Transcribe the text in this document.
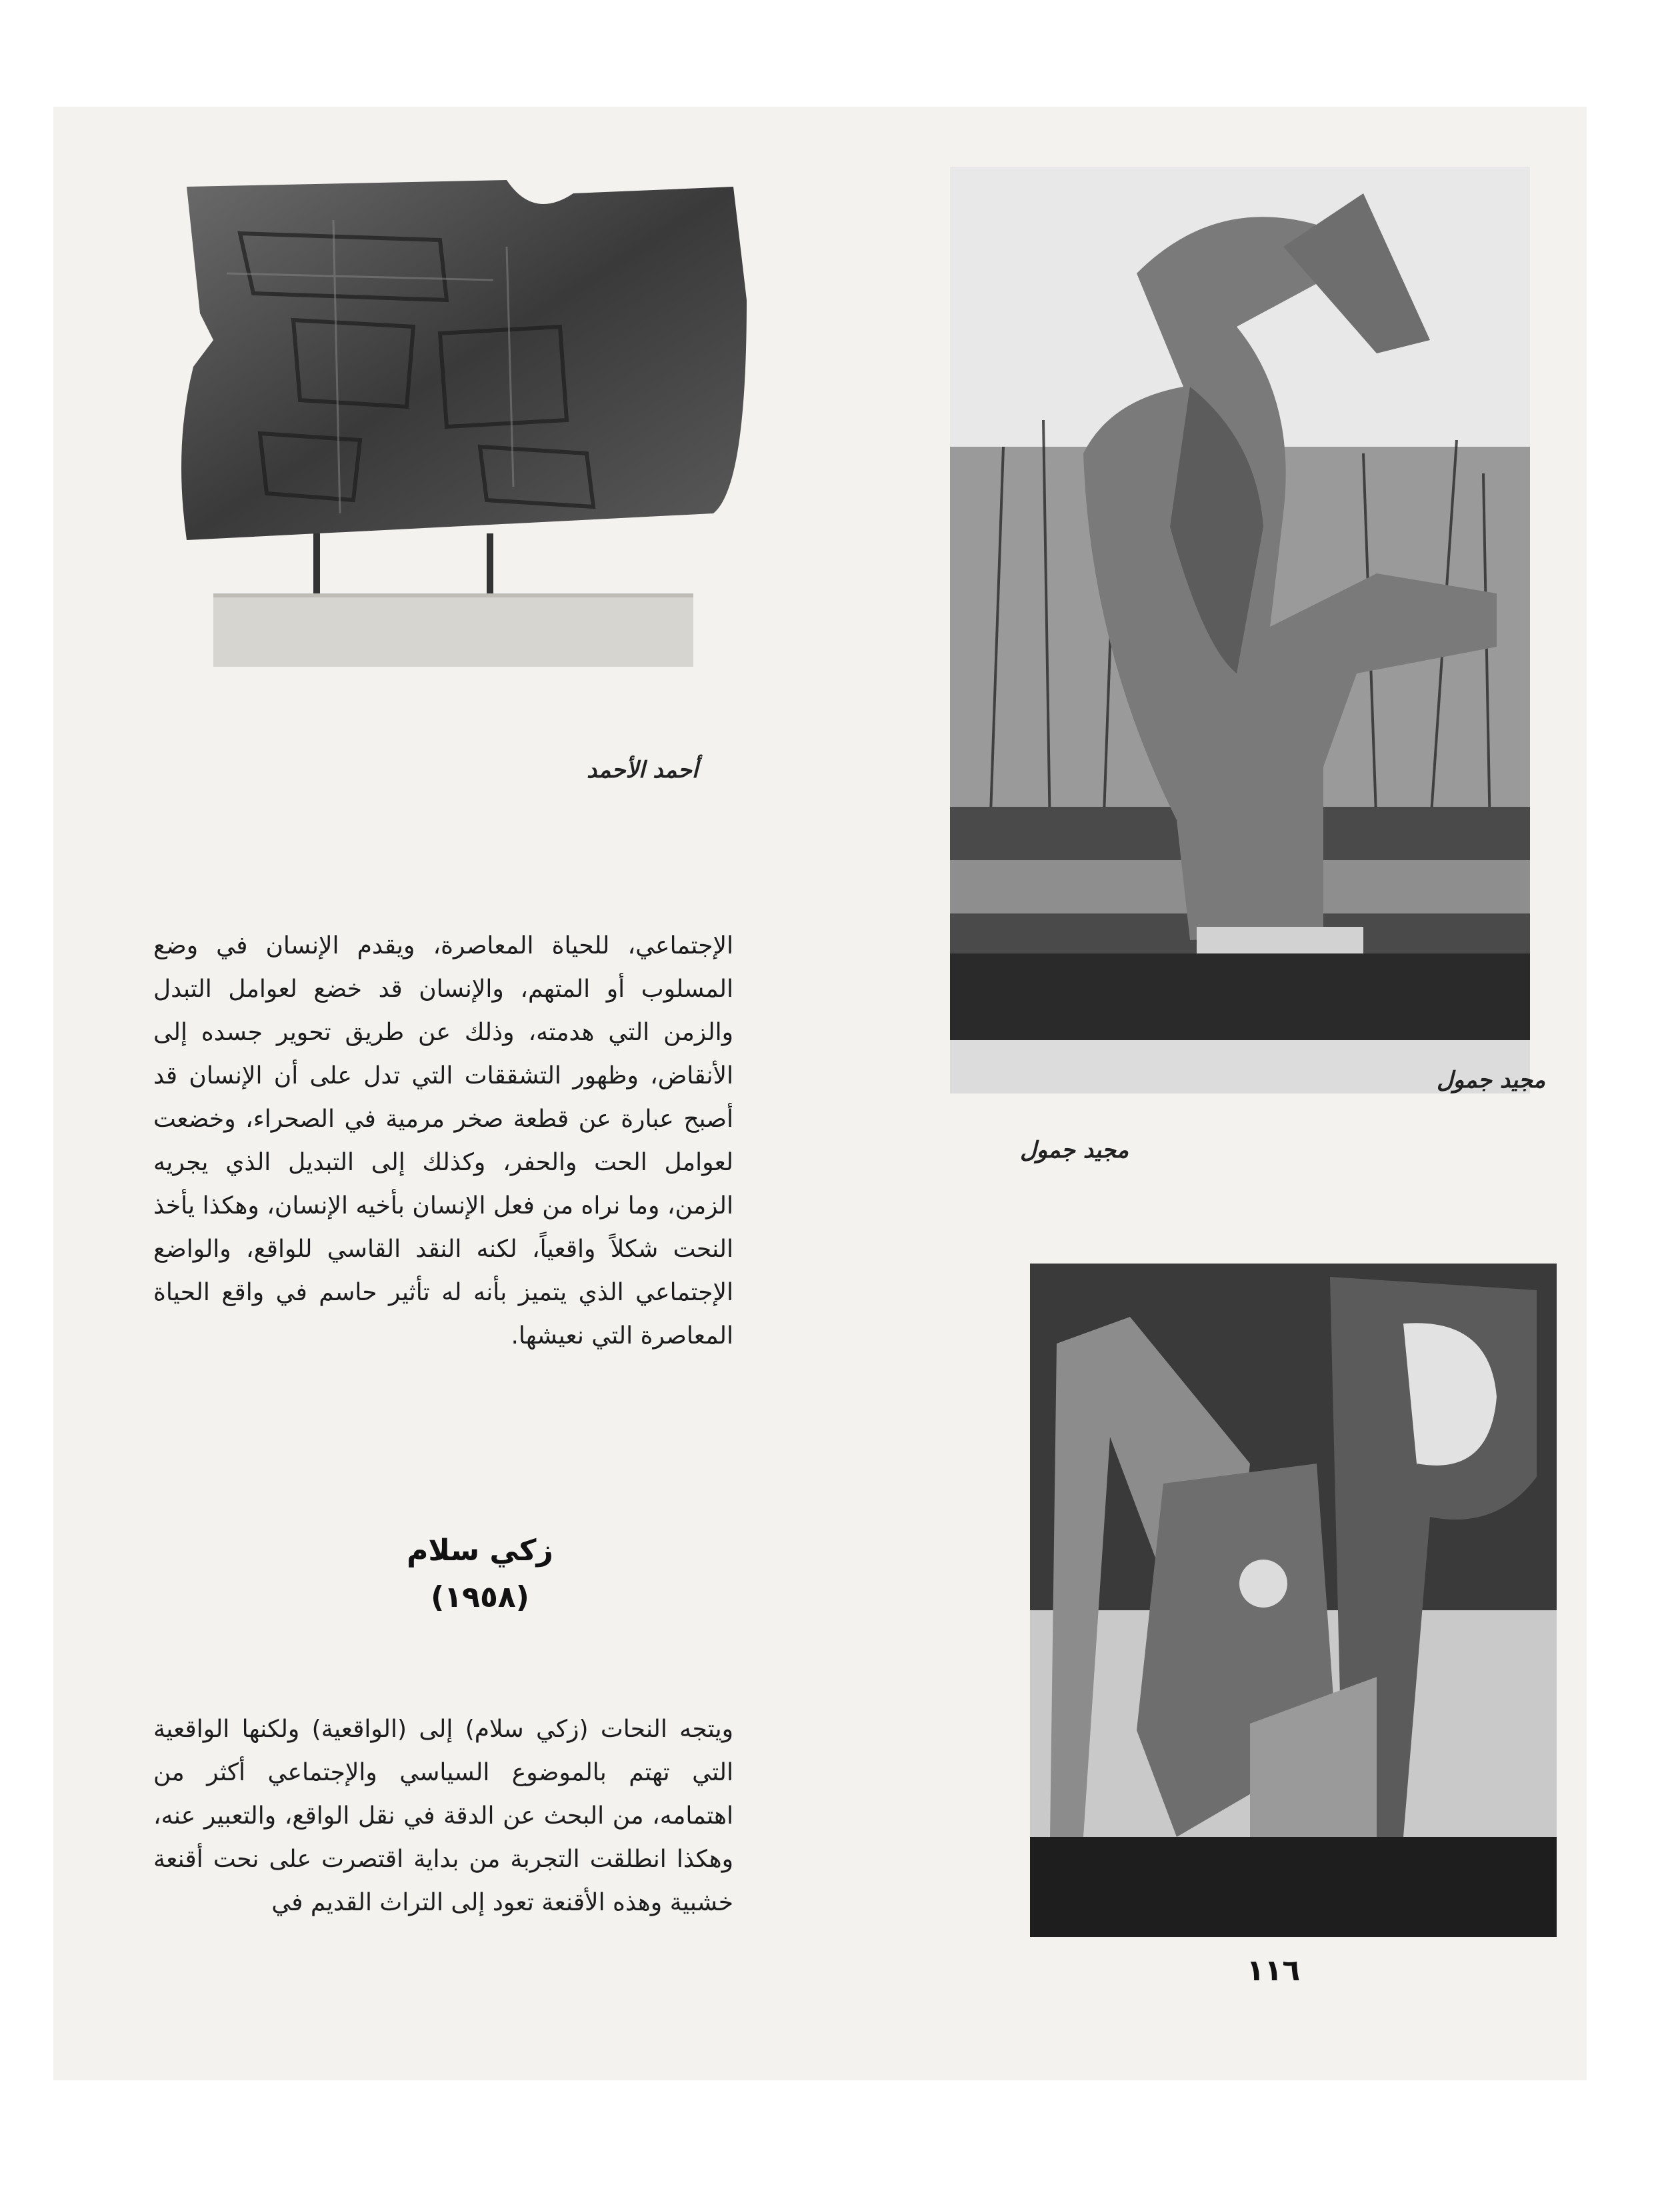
أحمد الأحمد
مجيد جمول
مجيد جمول

الإجتماعي، للحياة المعاصرة، ويقدم الإنسان في وضع المسلوب أو المتهم، والإنسان قد خضع لعوامل التبدل والزمن التي هدمته، وذلك عن طريق تحوير جسده إلى الأنقاض، وظهور التشققات التي تدل على أن الإنسان قد أصبح عبارة عن قطعة صخر مرمية في الصحراء، وخضعت لعوامل الحت والحفر، وكذلك إلى التبديل الذي يجريه الزمن، وما نراه من فعل الإنسان بأخيه الإنسان، وهكذا يأخذ النحت شكلاً واقعياً، لكنه النقد القاسي للواقع، والواضع الإجتماعي الذي يتميز بأنه له تأثير حاسم في واقع الحياة المعاصرة التي نعيشها.

زكي سلام
(١٩٥٨)

ويتجه النحات (زكي سلام) إلى (الواقعية) ولكنها الواقعية التي تهتم بالموضوع السياسي والإجتماعي أكثر من اهتمامه، من البحث عن الدقة في نقل الواقع، والتعبير عنه، وهكذا انطلقت التجربة من بداية اقتصرت على نحت أقنعة خشبية وهذه الأقنعة تعود إلى التراث القديم في

١١٦
